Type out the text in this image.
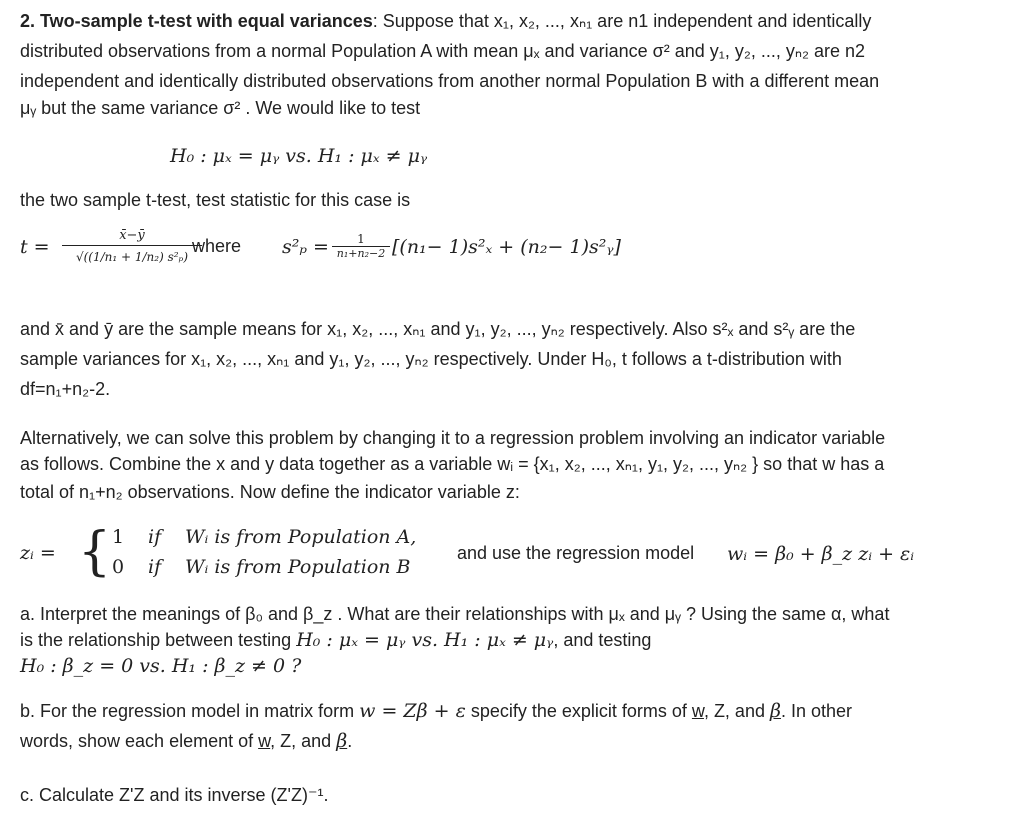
2. Two-sample t-test with equal variances: Suppose that x₁, x₂, ..., xₙ₁ are n1 independent and identically
distributed observations from a normal Population A with mean μₓ and variance σ² and y₁, y₂, ..., yₙ₂ are n2
independent and identically distributed observations from another normal Population B with a different mean
μᵧ but the same variance σ² . We would like to test
H₀ : μₓ = μᵧ vs. H₁ : μₓ ≠ μᵧ
the two sample t-test, test statistic for this case is
$t = \frac{x̄-ȳ}{\text{√((1/n₁ + 1/n₂) s²ₚ)}}$
where $s^2_p = \frac{1}{\text{n₁+n₂−2}} [(n_1- 1)s^2_x + (n_2-$ 1)s²ᵧ]
and x̄ and ȳ are the sample means for x₁, x₂, ..., xₙ₁ and y₁, y₂, ..., yₙ₂ respectively. Also s²ₓ and s²ᵧ are the
sample variances for x₁, x₂, ..., xₙ₁ and y₁, y₂, ..., yₙ₂ respectively. Under H₀, t follows a t-distribution with
df=n₁+n₂-2.
Alternatively, we can solve this problem by changing it to a regression problem involving an indicator variable
as follows. Combine the x and y data together as a variable wᵢ = {x₁, x₂, ..., xₙ₁, y₁, y₂, ..., yₙ₂ } so that w has a
total of n₁+n₂ observations. Now define the indicator variable z:
zᵢ = { 1 if Wᵢ is from Population A,
0 if Wᵢ is from Population B
and use the regression model wᵢ = β₀ + β_z zᵢ + εᵢ
a. Interpret the meanings of β₀ and β_z . What are their relationships with μₓ and μᵧ ? Using the same α, what
is the relationship between testing H₀ : μₓ = μᵧ vs. H₁ : μₓ ≠ μᵧ, and testing
H₀ : β_z = 0 vs. H₁ : β_z ≠ 0 ?
b. For the regression model in matrix form w = Zβ + ε specify the explicit forms of w, Z, and β. In other
words, show each element of w, Z, and β.
c. Calculate Z'Z and its inverse (Z'Z)⁻¹.
